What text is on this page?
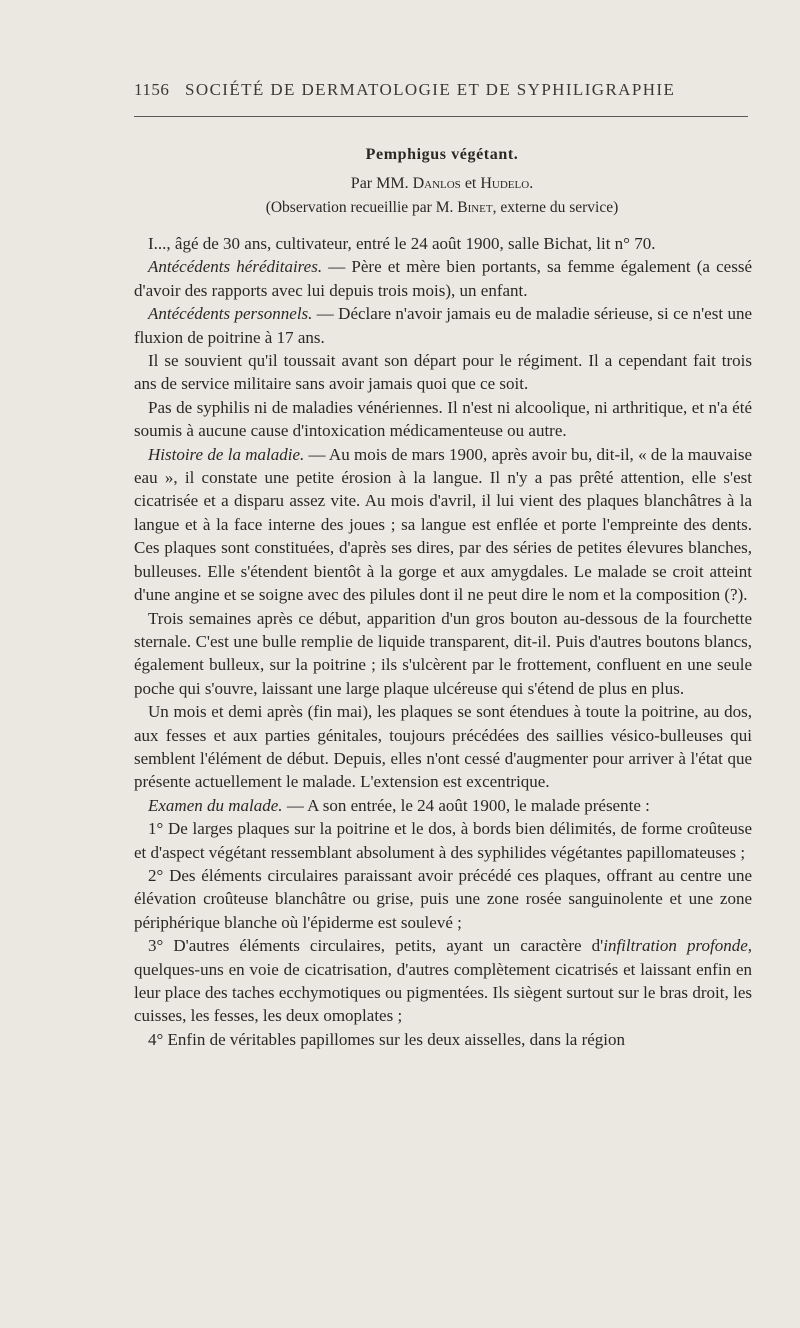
1156 SOCIÉTÉ DE DERMATOLOGIE ET DE SYPHILIGRAPHIE
Pemphigus végétant.
Par MM. Danlos et Hudelo.
(Observation recueillie par M. Binet, externe du service)

I..., âgé de 30 ans, cultivateur, entré le 24 août 1900, salle Bichat, lit n° 70.

Antécédents héréditaires. — Père et mère bien portants, sa femme également (a cessé d'avoir des rapports avec lui depuis trois mois), un enfant.

Antécédents personnels. — Déclare n'avoir jamais eu de maladie sérieuse, si ce n'est une fluxion de poitrine à 17 ans.

Il se souvient qu'il toussait avant son départ pour le régiment. Il a cependant fait trois ans de service militaire sans avoir jamais quoi que ce soit.

Pas de syphilis ni de maladies vénériennes. Il n'est ni alcoolique, ni arthritique, et n'a été soumis à aucune cause d'intoxication médicamenteuse ou autre.

Histoire de la maladie. — Au mois de mars 1900, après avoir bu, dit-il, « de la mauvaise eau », il constate une petite érosion à la langue. Il n'y a pas prêté attention, elle s'est cicatrisée et a disparu assez vite. Au mois d'avril, il lui vient des plaques blanchâtres à la langue et à la face interne des joues ; sa langue est enflée et porte l'empreinte des dents. Ces plaques sont constituées, d'après ses dires, par des séries de petites élevures blanches, bulleuses. Elle s'étendent bientôt à la gorge et aux amygdales. Le malade se croit atteint d'une angine et se soigne avec des pilules dont il ne peut dire le nom et la composition (?).

Trois semaines après ce début, apparition d'un gros bouton au-dessous de la fourchette sternale. C'est une bulle remplie de liquide transparent, dit-il. Puis d'autres boutons blancs, également bulleux, sur la poitrine ; ils s'ulcèrent par le frottement, confluent en une seule poche qui s'ouvre, laissant une large plaque ulcéreuse qui s'étend de plus en plus.

Un mois et demi après (fin mai), les plaques se sont étendues à toute la poitrine, au dos, aux fesses et aux parties génitales, toujours précédées des saillies vésico-bulleuses qui semblent l'élément de début. Depuis, elles n'ont cessé d'augmenter pour arriver à l'état que présente actuellement le malade. L'extension est excentrique.

Examen du malade. — A son entrée, le 24 août 1900, le malade présente :

1° De larges plaques sur la poitrine et le dos, à bords bien délimités, de forme croûteuse et d'aspect végétant ressemblant absolument à des syphilides végétantes papillomateuses ;

2° Des éléments circulaires paraissant avoir précédé ces plaques, offrant au centre une élévation croûteuse blanchâtre ou grise, puis une zone rosée sanguinolente et une zone périphérique blanche où l'épiderme est soulevé ;

3° D'autres éléments circulaires, petits, ayant un caractère d'infiltration profonde, quelques-uns en voie de cicatrisation, d'autres complètement cicatrisés et laissant enfin en leur place des taches ecchymotiques ou pigmentées. Ils siègent surtout sur le bras droit, les cuisses, les fesses, les deux omoplates ;

4° Enfin de véritables papillomes sur les deux aisselles, dans la région
